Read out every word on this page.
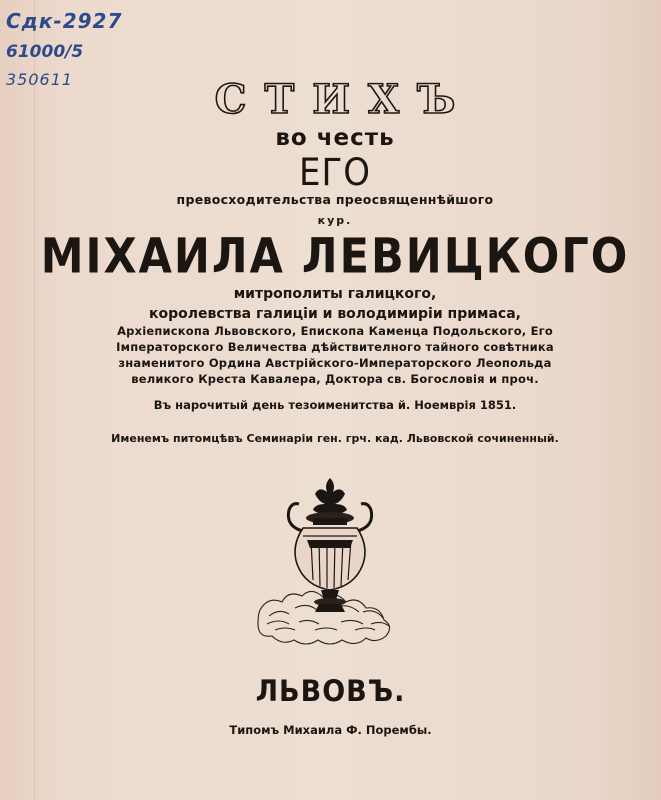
Сдк-2927
61000/5
350611	СТИХЪ
во честь
ЕГО
превосходительства преосвященнѣйшого
кур.
МІХАИЛА ЛЕВИЦКОГО
митрополиты галицкого,
королевства галиціи и володимиріи примаса,
Архіепископа Львовского, Епископа Каменца Подольского, Его
Імператорского Величества дѣйствителного тайного совѣтника
знаменитого Ордина Австрійского-Императорского Леопольда
великого Креста Кавалера, Доктора св. Богословія и проч.
Въ нарочитый день тезоименитства й. Ноемврія 1851.
Именемъ питомцѣвъ Семинаріи ген. грч. кад. Львовской сочиненный.
ЛЬВОВЪ.
Типомъ Михаила Ф. Порембы.
